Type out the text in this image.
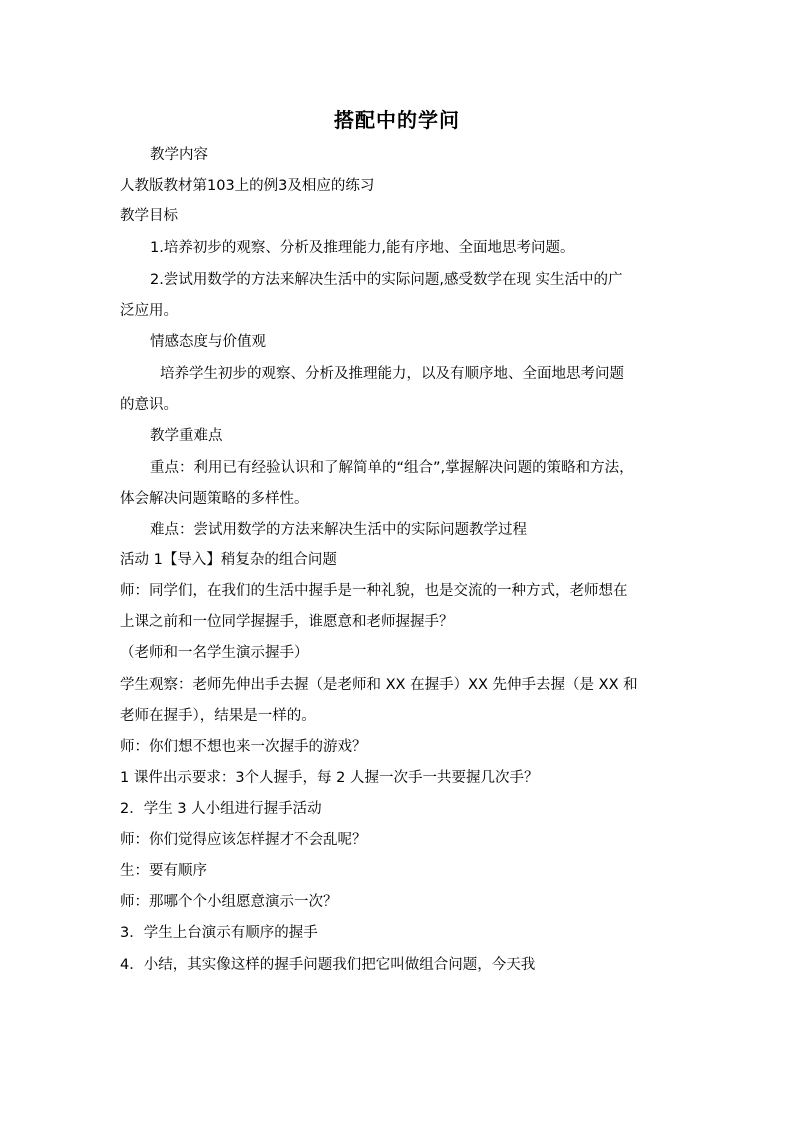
搭配中的学问
教学内容
人教版教材第103上的例3及相应的练习
教学目标
1.培养初步的观察、分析及推理能力,能有序地、全面地思考问题。
2.尝试用数学的方法来解决生活中的实际问题,感受数学在现 实生活中的广
泛应用。
情感态度与价值观
培养学生初步的观察、分析及推理能力，以及有顺序地、全面地思考问题
的意识。
教学重难点
重点：利用已有经验认识和了解简单的“组合”,掌握解决问题的策略和方法，
体会解决问题策略的多样性。
难点：尝试用数学的方法来解决生活中的实际问题教学过程
活动 1【导入】稍复杂的组合问题
师：同学们，在我们的生活中握手是一种礼貌，也是交流的一种方式，老师想在
上课之前和一位同学握握手，谁愿意和老师握握手？
（老师和一名学生演示握手）
学生观察：老师先伸出手去握（是老师和 XX 在握手）XX 先伸手去握（是 XX 和
老师在握手），结果是一样的。
师：你们想不想也来一次握手的游戏？
1 课件出示要求：3个人握手，每 2 人握一次手一共要握几次手？
2．学生 3 人小组进行握手活动
师：你们觉得应该怎样握才不会乱呢？
生：要有顺序
师：那哪个个小组愿意演示一次？
3．学生上台演示有顺序的握手
4．小结，其实像这样的握手问题我们把它叫做组合问题，今天我
